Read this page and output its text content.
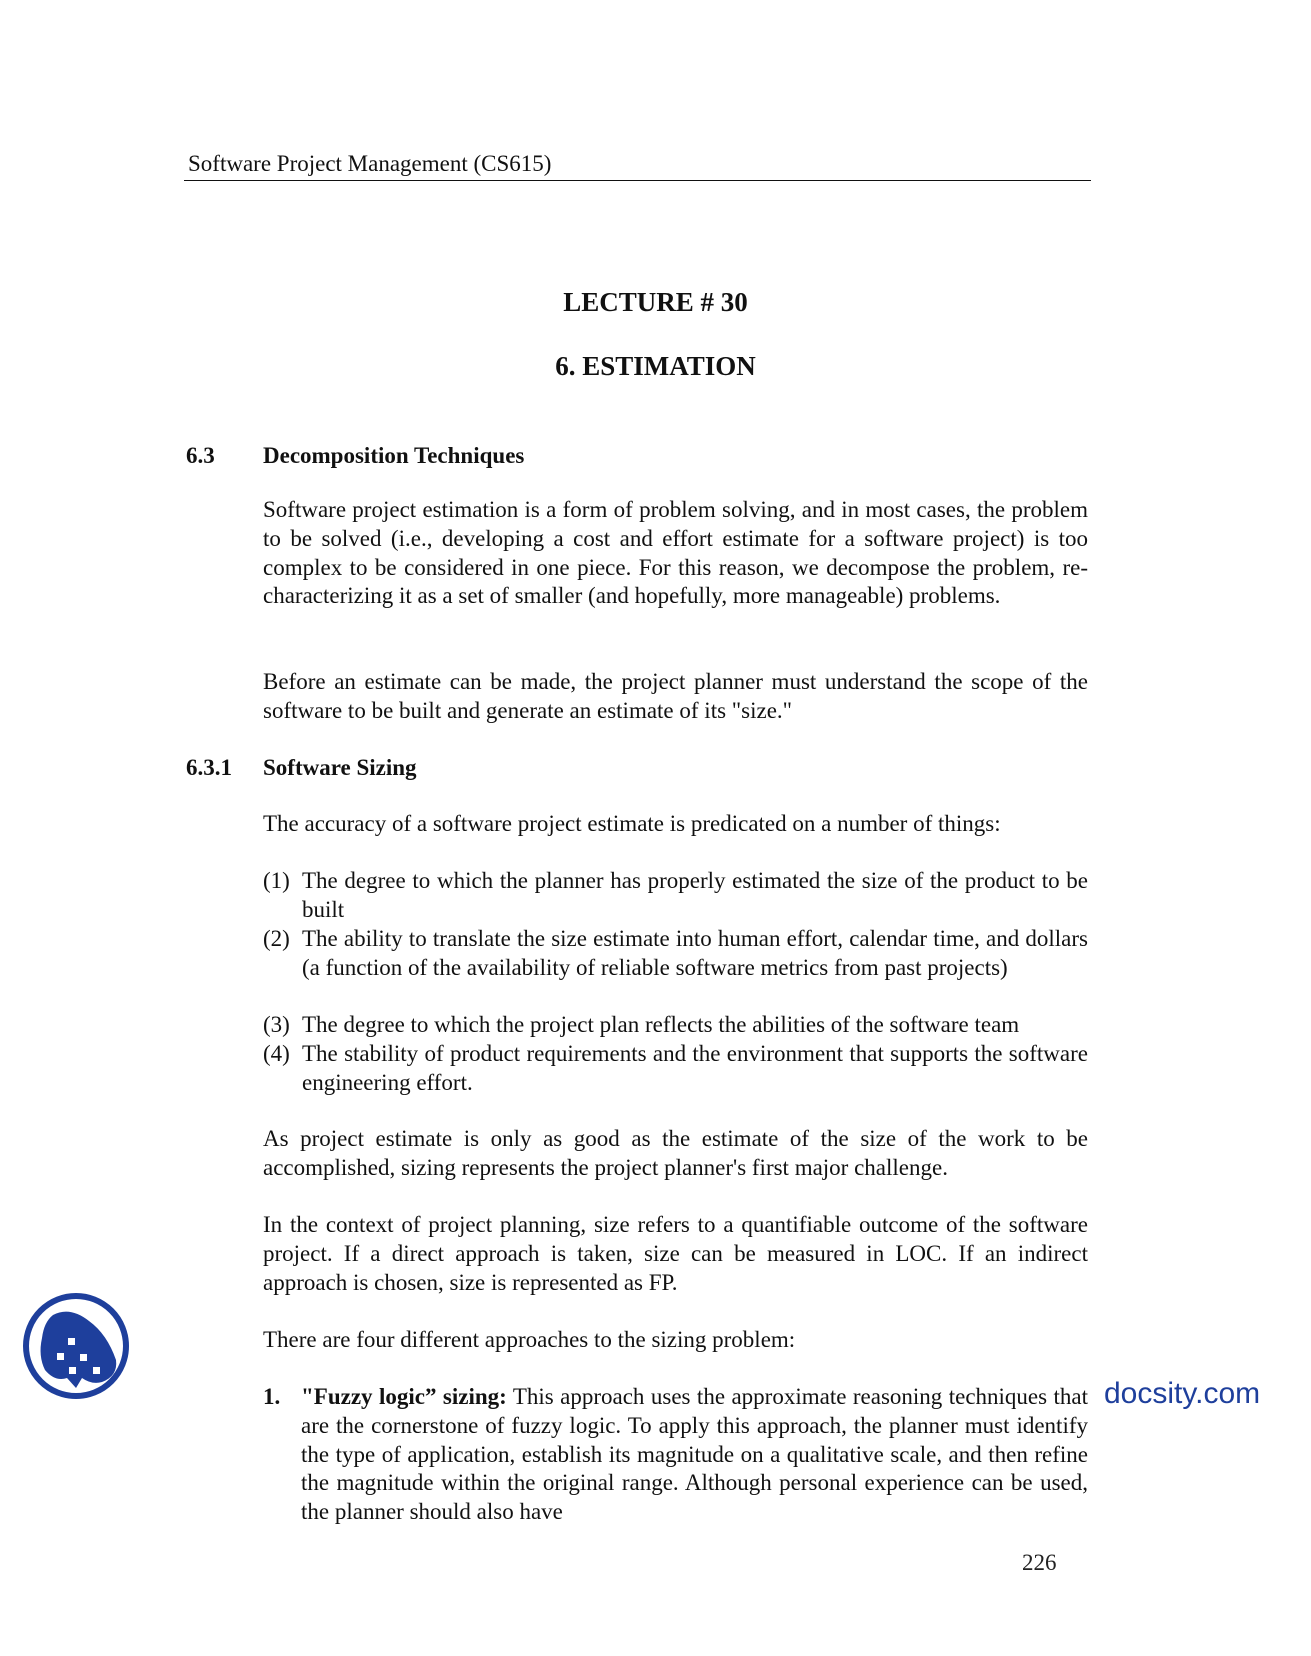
Software Project Management (CS615)
LECTURE # 30
6. ESTIMATION
6.3 Decomposition Techniques
Software project estimation is a form of problem solving, and in most cases, the problem to be solved (i.e., developing a cost and effort estimate for a software project) is too complex to be considered in one piece. For this reason, we decompose the problem, re-characterizing it as a set of smaller (and hopefully, more manageable) problems.
Before an estimate can be made, the project planner must understand the scope of the software to be built and generate an estimate of its "size."
6.3.1 Software Sizing
The accuracy of a software project estimate is predicated on a number of things:
(1) The degree to which the planner has properly estimated the size of the product to be built
(2) The ability to translate the size estimate into human effort, calendar time, and dollars (a function of the availability of reliable software metrics from past projects)
(3) The degree to which the project plan reflects the abilities of the software team
(4) The stability of product requirements and the environment that supports the software engineering effort.
As project estimate is only as good as the estimate of the size of the work to be accomplished, sizing represents the project planner's first major challenge.
In the context of project planning, size refers to a quantifiable outcome of the software project. If a direct approach is taken, size can be measured in LOC. If an indirect approach is chosen, size is represented as FP.
There are four different approaches to the sizing problem:
1. "Fuzzy logic” sizing: This approach uses the approximate reasoning techniques that are the cornerstone of fuzzy logic. To apply this approach, the planner must identify the type of application, establish its magnitude on a qualitative scale, and then refine the magnitude within the original range. Although personal experience can be used, the planner should also have
226
docsity.com
